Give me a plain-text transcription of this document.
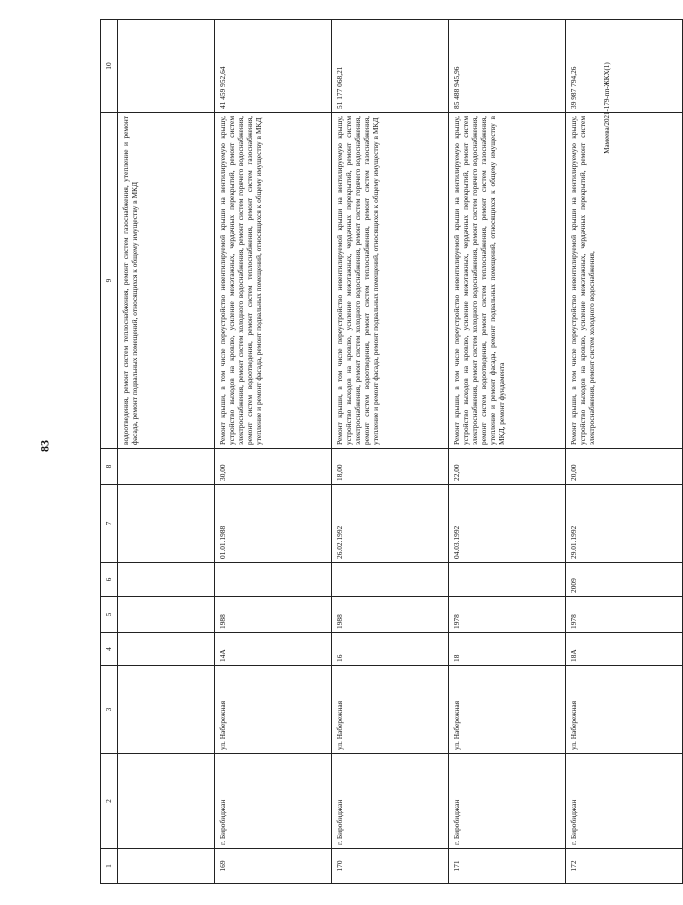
83
Мамеева/2021-179-пп-ЖКХ(1)
1	2	3	4	5	6	7	8	9	10
								водоотведения, ремонт систем теплоснабжения, ремонт систем газоснабжения, утепление и ремонт фасада, ремонт подвальных помещений, относящихся к общему имуществу в МКД	
169	г. Биробиджан	ул. Набережная	14А	1988		01.01.1988	30,00	Ремонт крыши, в том числе переустройство невентилируемой крыши на вентилируемую крышу, устройство выходов на кровлю, усиление межэтажных, чердачных перекрытий, ремонт систем электроснабжения, ремонт систем холодного водоснабжения, ремонт систем горячего водоснабжения, ремонт систем водоотведения, ремонт систем теплоснабжения, ремонт систем газоснабжения, утепление и ремонт фасада, ремонт подвальных помещений, относящихся к общему имуществу в МКД	41 459 952,64
170	г. Биробиджан	ул. Набережная	16	1988		26.02.1992	18,00	Ремонт крыши, в том числе переустройство невентилируемой крыши на вентилируемую крышу, устройство выходов на кровлю, усиление межэтажных, чердачных перекрытий, ремонт систем электроснабжения, ремонт систем холодного водоснабжения, ремонт систем горячего водоснабжения, ремонт систем водоотведения, ремонт систем теплоснабжения, ремонт систем газоснабжения, утепление и ремонт фасада, ремонт подвальных помещений, относящихся к общему имуществу в МКД	51 177 068,21
171	г. Биробиджан	ул. Набережная	18	1978		04.03.1992	22,00	Ремонт крыши, в том числе переустройство невентилируемой крыши на вентилируемую крышу, устройство выходов на кровлю, усиление межэтажных, чердачных перекрытий, ремонт систем электроснабжения, ремонт систем холодного водоснабжения, ремонт систем горячего водоснабжения, ремонт систем водоотведения, ремонт систем теплоснабжения, ремонт систем газоснабжения, утепление и ремонт фасада, ремонт подвальных помещений, относящихся к общему имуществу в МКД, ремонт фундамента	85 488 945,96
172	г. Биробиджан	ул. Набережная	18А	1978	2009	29.01.1992	20,00	Ремонт крыши, в том числе переустройство невентилируемой крыши на вентилируемую крышу, устройство выходов на кровлю, усиление межэтажных, чердачных перекрытий, ремонт систем электроснабжения, ремонт систем холодного водоснабжения,	39 987 794,26
